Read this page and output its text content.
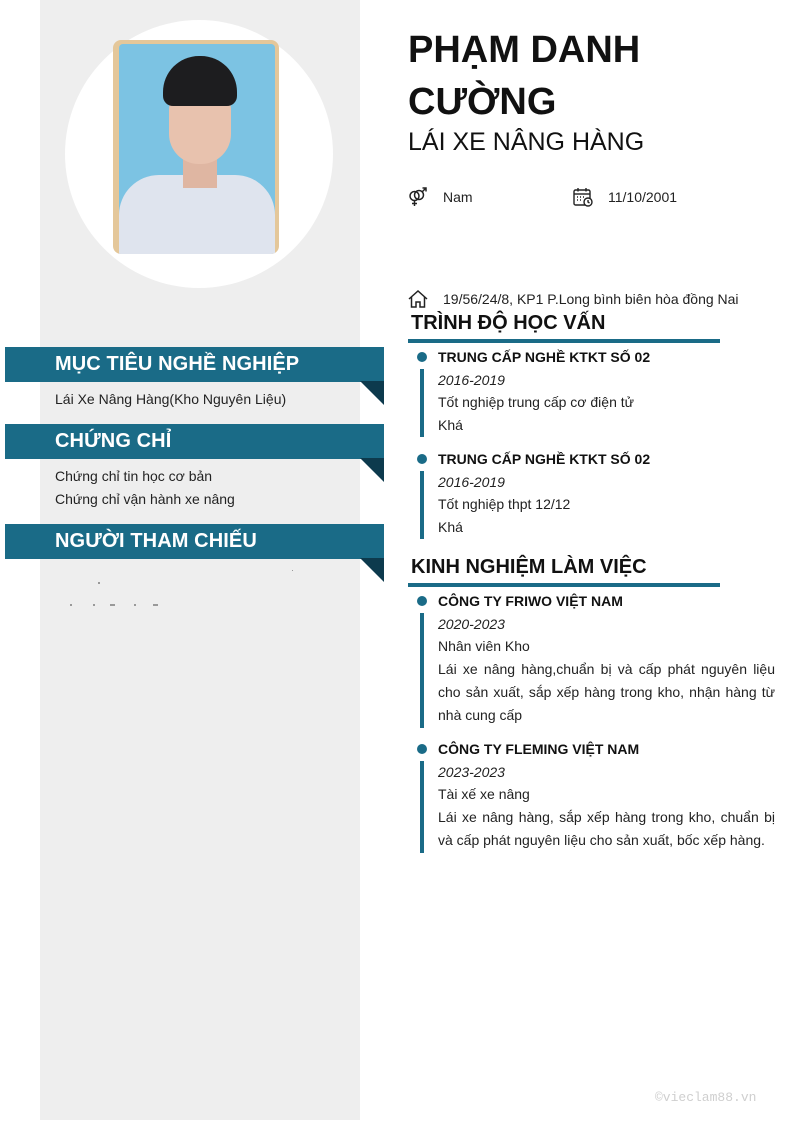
MỤC TIÊU NGHỀ NGHIỆP
Lái Xe Nâng Hàng(Kho Nguyên Liệu)
CHỨNG CHỈ
Chứng chỉ tin học cơ bản
Chứng chỉ vận hành xe nâng
NGƯỜI THAM CHIẾU
PHẠM DANH
CƯỜNG
LÁI XE NÂNG HÀNG
Nam	11/10/2001
19/56/24/8, KP1 P.Long bình biên hòa đồng Nai
TRÌNH ĐỘ HỌC VẤN
TRUNG CẤP NGHỀ KTKT SỐ 02
2016-2019
Tốt nghiệp trung cấp cơ điện tử
Khá
TRUNG CẤP NGHỀ KTKT SỐ 02
2016-2019
Tốt nghiệp thpt 12/12
Khá
KINH NGHIỆM LÀM VIỆC
CÔNG TY FRIWO VIỆT NAM
2020-2023
Nhân viên Kho
Lái xe nâng hàng,chuẩn bị và cấp phát nguyên liệu cho sản xuất, sắp xếp hàng trong kho, nhận hàng từ nhà cung cấp
CÔNG TY FLEMING VIỆT NAM
2023-2023
Tài xế xe nâng
Lái xe nâng hàng, sắp xếp hàng trong kho, chuẩn bị và cấp phát nguyên liệu cho sản xuất, bốc xếp hàng.
©vieclam88.vn
